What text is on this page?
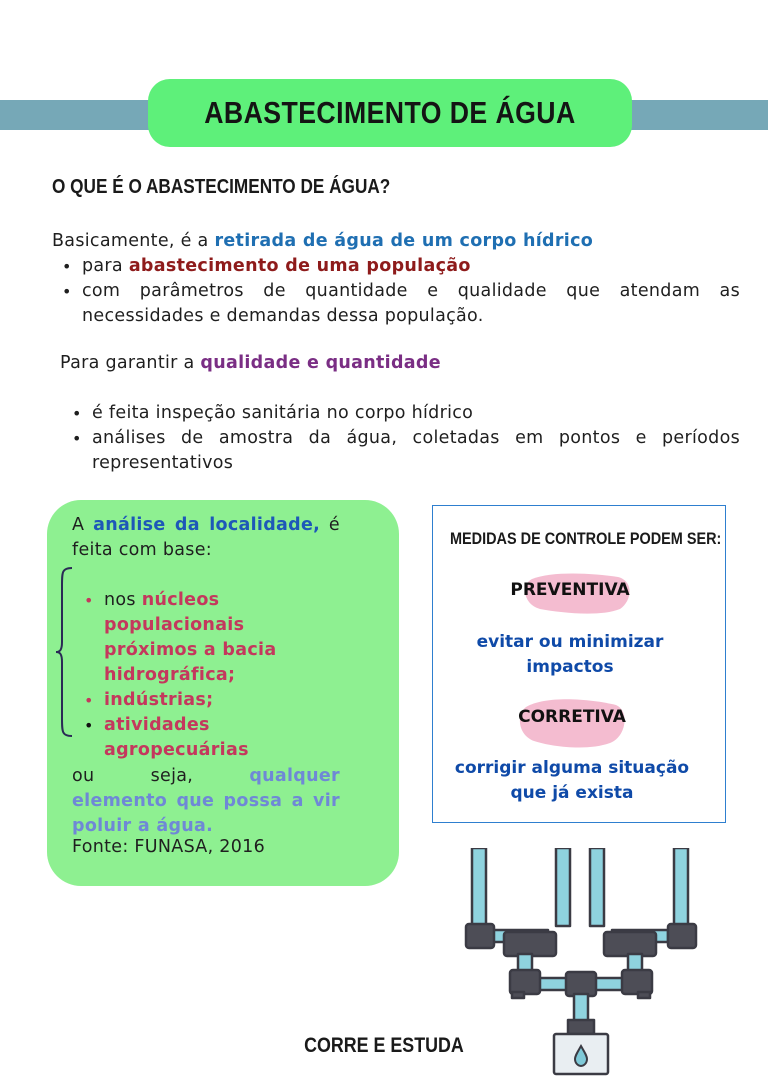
ABASTECIMENTO DE ÁGUA
O QUE É O ABASTECIMENTO DE ÁGUA?
Basicamente, é a retirada de água de um corpo hídrico
• para abastecimento de uma população
• com parâmetros de quantidade e qualidade que atendam as necessidades e demandas dessa população.
Para garantir a qualidade e quantidade
• é feita inspeção sanitária no corpo hídrico
• análises de amostra da água, coletadas em pontos e períodos representativos
A análise da localidade, é feita com base:
• nos núcleos populacionais próximos a bacia hidrográfica;
• indústrias;
• atividades agropecuárias
ou seja, qualquer elemento que possa a vir poluir a água.
Fonte: FUNASA, 2016
MEDIDAS DE CONTROLE PODEM SER:
PREVENTIVA
evitar ou minimizar impactos
CORRETIVA
corrigir alguma situação que já exista
CORRE E ESTUDA
